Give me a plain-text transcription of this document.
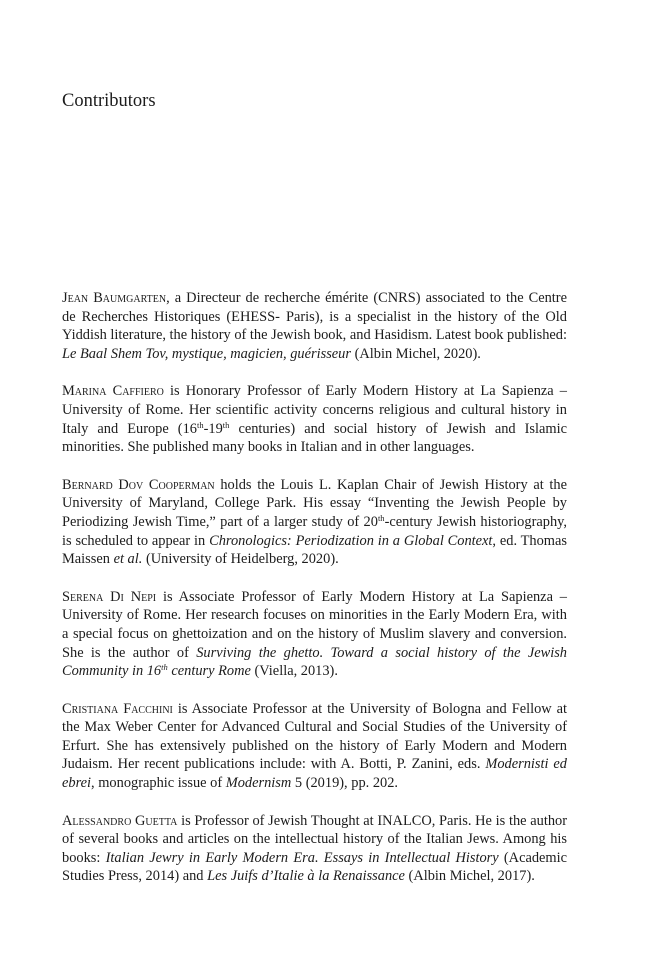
Contributors

Jean Baumgarten, a Directeur de recherche émérite (CNRS) associated to the Centre de Recherches Historiques (EHESS- Paris), is a specialist in the history of the Old Yiddish literature, the history of the Jewish book, and Hasidism. Latest book published: Le Baal Shem Tov, mystique, magicien, guérisseur (Albin Michel, 2020).

Marina Caffiero is Honorary Professor of Early Modern History at La Sapienza – University of Rome. Her scientific activity concerns religious and cultural history in Italy and Europe (16th-19th centuries) and social history of Jewish and Islamic minorities. She published many books in Italian and in other languages.

Bernard Dov Cooperman holds the Louis L. Kaplan Chair of Jewish History at the University of Maryland, College Park. His essay “Inventing the Jewish People by Periodizing Jewish Time,” part of a larger study of 20th-century Jewish historiography, is scheduled to appear in Chronologics: Periodization in a Global Context, ed. Thomas Maissen et al. (University of Heidelberg, 2020).

Serena Di Nepi is Associate Professor of Early Modern History at La Sapienza – University of Rome. Her research focuses on minorities in the Early Modern Era, with a special focus on ghettoization and on the history of Muslim slavery and conversion. She is the author of Surviving the ghetto. Toward a social history of the Jewish Community in 16th century Rome (Viella, 2013).

Cristiana Facchini is Associate Professor at the University of Bologna and Fellow at the Max Weber Center for Advanced Cultural and Social Studies of the University of Erfurt. She has extensively published on the history of Early Modern and Modern Judaism. Her recent publications include: with A. Botti, P. Zanini, eds. Modernisti ed ebrei, monographic issue of Modernism 5 (2019), pp. 202.

Alessandro Guetta is Professor of Jewish Thought at INALCO, Paris. He is the author of several books and articles on the intellectual history of the Italian Jews. Among his books: Italian Jewry in Early Modern Era. Essays in Intellectual History (Academic Studies Press, 2014) and Les Juifs d’Italie à la Renaissance (Albin Michel, 2017).
